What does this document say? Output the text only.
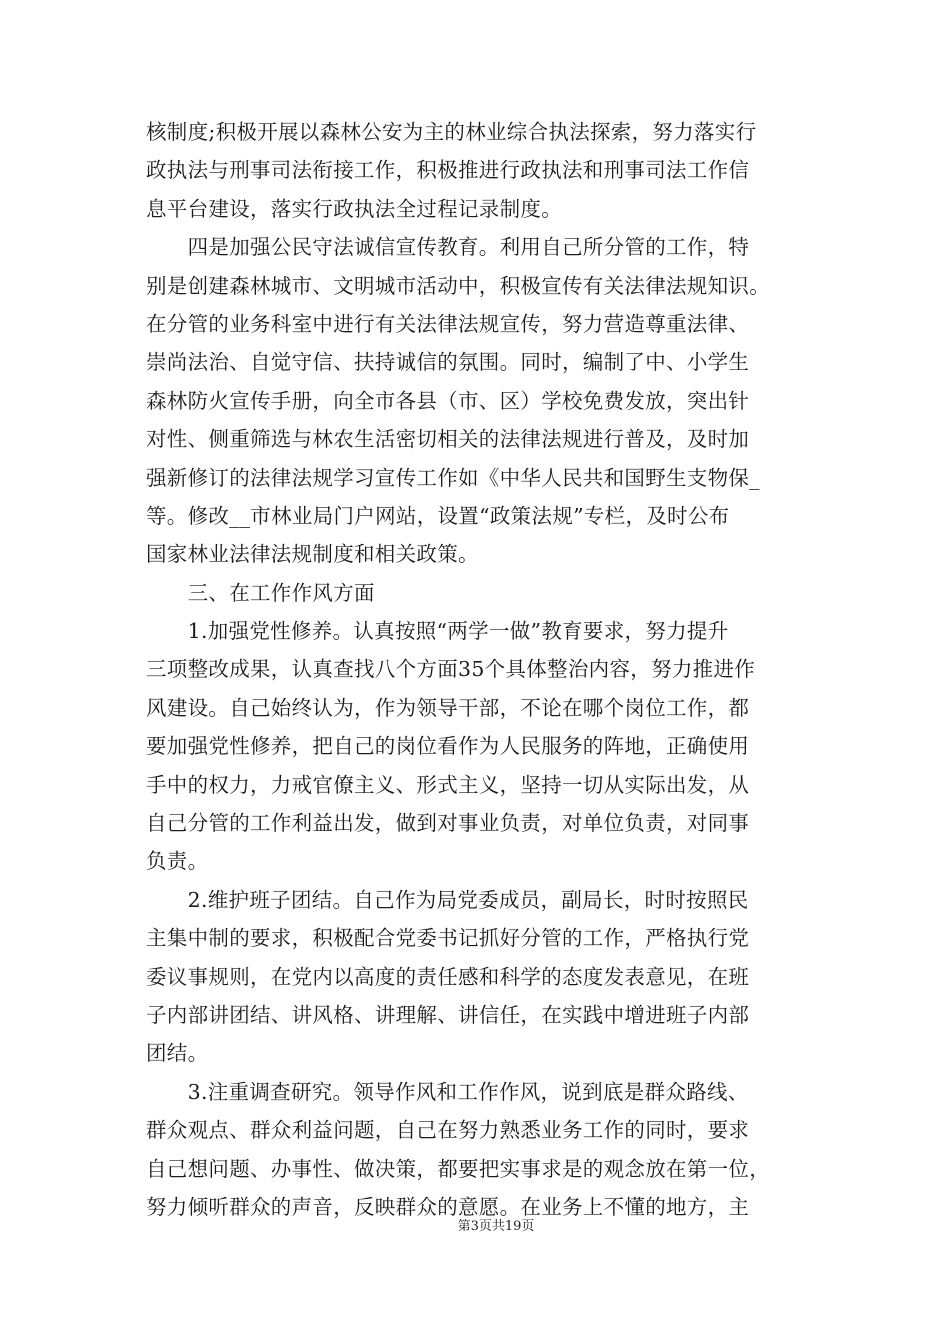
核制度;积极开展以森林公安为主的林业综合执法探索，努力落实行
政执法与刑事司法衔接工作，积极推进行政执法和刑事司法工作信
息平台建设，落实行政执法全过程记录制度。
　　四是加强公民守法诚信宣传教育。利用自己所分管的工作，特
别是创建森林城市、文明城市活动中，积极宣传有关法律法规知识。
在分管的业务科室中进行有关法律法规宣传，努力营造尊重法律、
崇尚法治、自觉守信、扶持诚信的氛围。同时，编制了中、小学生
森林防火宣传手册，向全市各县（市、区）学校免费发放，突出针
对性、侧重筛选与林农生活密切相关的法律法规进行普及，及时加
强新修订的法律法规学习宣传工作如《中华人民共和国野生支物保_
等。修改__市林业局门户网站，设置“政策法规”专栏，及时公布
国家林业法律法规制度和相关政策。
　　三、在工作作风方面
　　1.加强党性修养。认真按照“两学一做”教育要求，努力提升
三项整改成果，认真查找八个方面35个具体整治内容，努力推进作
风建设。自己始终认为，作为领导干部，不论在哪个岗位工作，都
要加强党性修养，把自己的岗位看作为人民服务的阵地，正确使用
手中的权力，力戒官僚主义、形式主义，坚持一切从实际出发，从
自己分管的工作利益出发，做到对事业负责，对单位负责，对同事
负责。
　　2.维护班子团结。自己作为局党委成员，副局长，时时按照民
主集中制的要求，积极配合党委书记抓好分管的工作，严格执行党
委议事规则，在党内以高度的责任感和科学的态度发表意见，在班
子内部讲团结、讲风格、讲理解、讲信任，在实践中增进班子内部
团结。
　　3.注重调查研究。领导作风和工作作风，说到底是群众路线、
群众观点、群众利益问题，自己在努力熟悉业务工作的同时，要求
自己想问题、办事性、做决策，都要把实事求是的观念放在第一位，
努力倾听群众的声音，反映群众的意愿。在业务上不懂的地方，主
第3页共19页
